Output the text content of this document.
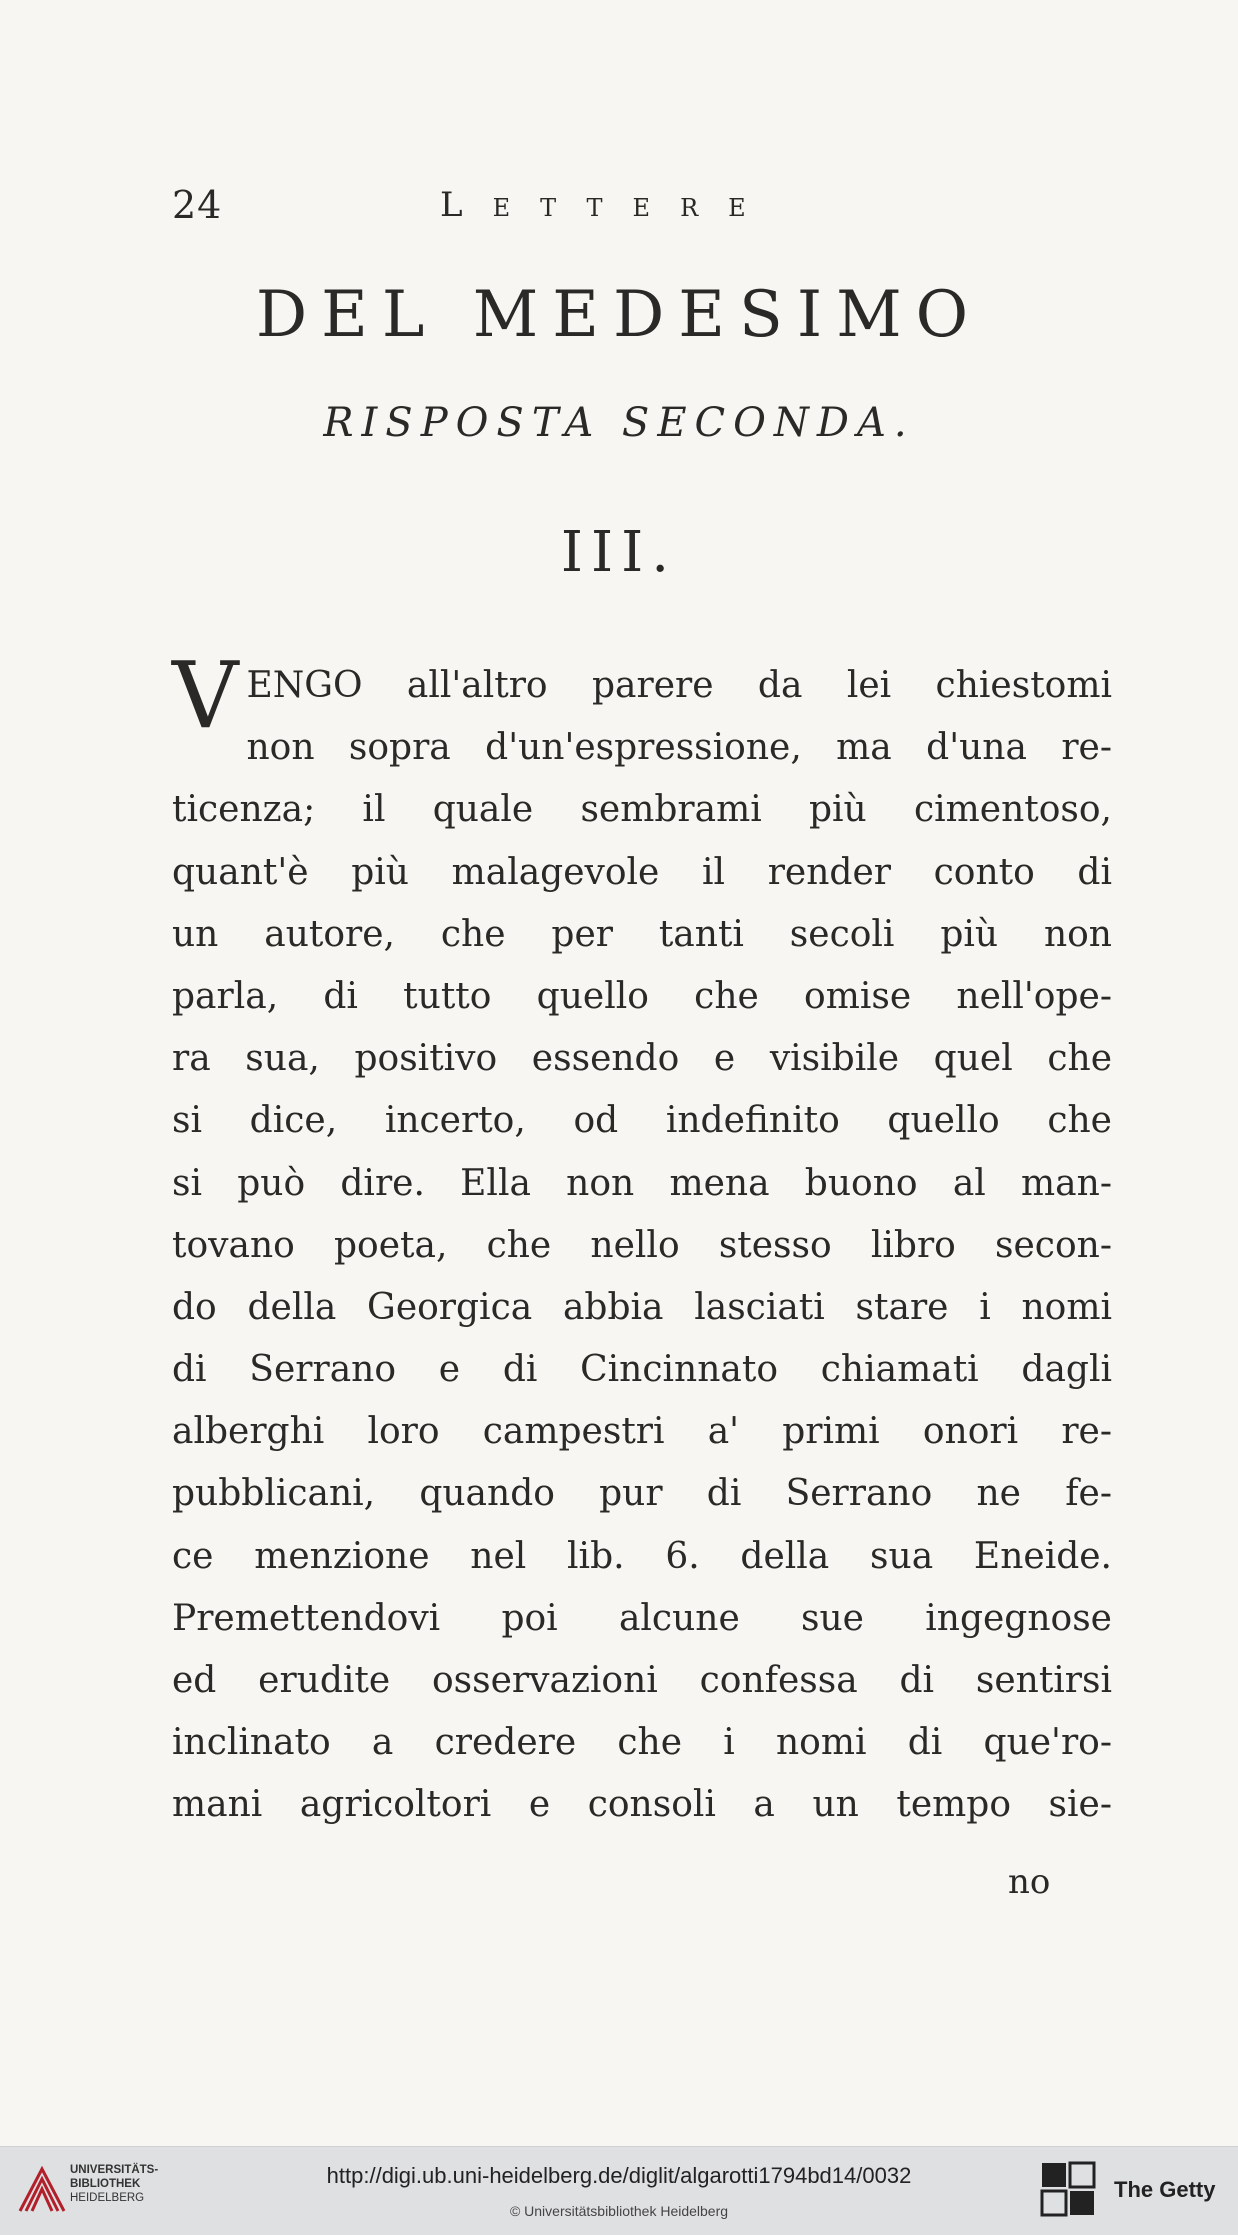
24	Lettere
DEL MEDESIMO
RISPOSTA SECONDA.
III.
V ENGO all'altro parere da lei chiestomi
non sopra d'un'espressione, ma d'una re-
ticenza; il quale sembrami più cimentoso,
quant'è più malagevole il render conto di
un autore, che per tanti secoli più non
parla, di tutto quello che omise nell'ope-
ra sua, positivo essendo e visibile quel che
si dice, incerto, od indefinito quello che
si può dire. Ella non mena buono al man-
tovano poeta, che nello stesso libro secon-
do della Georgica abbia lasciati stare i nomi
di Serrano e di Cincinnato chiamati dagli
alberghi loro campestri a' primi onori re-
pubblicani, quando pur di Serrano ne fe-
ce menzione nel lib. 6. della sua Eneide.
Premettendovi poi alcune sue ingegnose
ed erudite osservazioni confessa di sentirsi
inclinato a credere che i nomi di que'ro-
mani agricoltori e consoli a un tempo sie-
no
UNIVERSITÄTS-
BIBLIOTHEK
HEIDELBERG
http://digi.ub.uni-heidelberg.de/diglit/algarotti1794bd14/0032
© Universitätsbibliothek Heidelberg
The Getty
